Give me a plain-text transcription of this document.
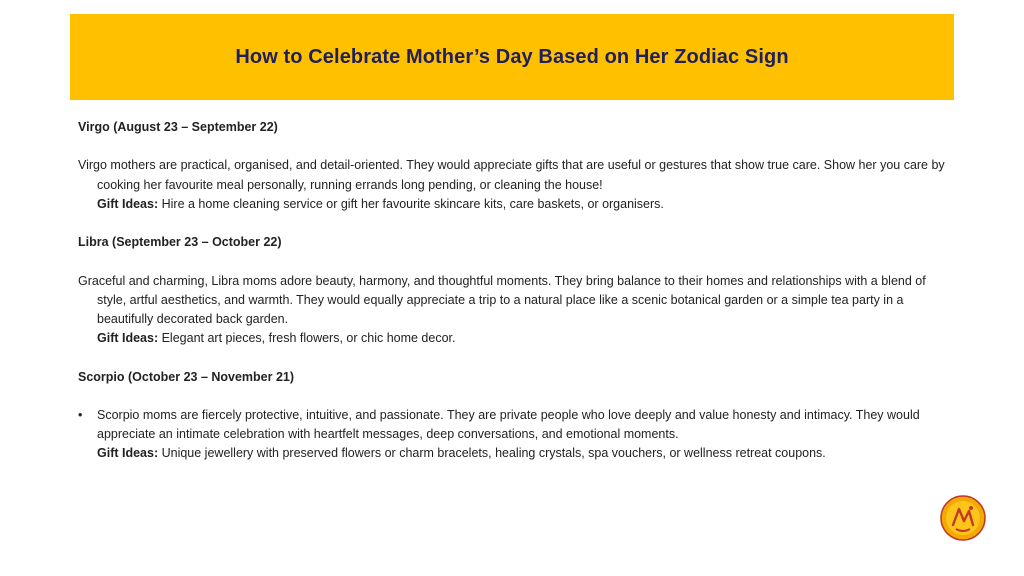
How to Celebrate Mother’s Day Based on Her Zodiac Sign

Virgo (August 23 – September 22)

Virgo mothers are practical, organised, and detail-oriented. They would appreciate gifts that are useful or gestures that show true care. Show her you care by cooking her favourite meal personally, running errands long pending, or cleaning the house!
Gift Ideas: Hire a home cleaning service or gift her favourite skincare kits, care baskets, or organisers.

Libra (September 23 – October 22)

Graceful and charming, Libra moms adore beauty, harmony, and thoughtful moments. They bring balance to their homes and relationships with a blend of style, artful aesthetics, and warmth. They would equally appreciate a trip to a natural place like a scenic botanical garden or a simple tea party in a beautifully decorated back garden.
Gift Ideas: Elegant art pieces, fresh flowers, or chic home decor.

Scorpio (October 23 – November 21)

• Scorpio moms are fiercely protective, intuitive, and passionate. They are private people who love deeply and value honesty and intimacy. They would appreciate an intimate celebration with heartfelt messages, deep conversations, and emotional moments.
Gift Ideas: Unique jewellery with preserved flowers or charm bracelets, healing crystals, spa vouchers, or wellness retreat coupons.
